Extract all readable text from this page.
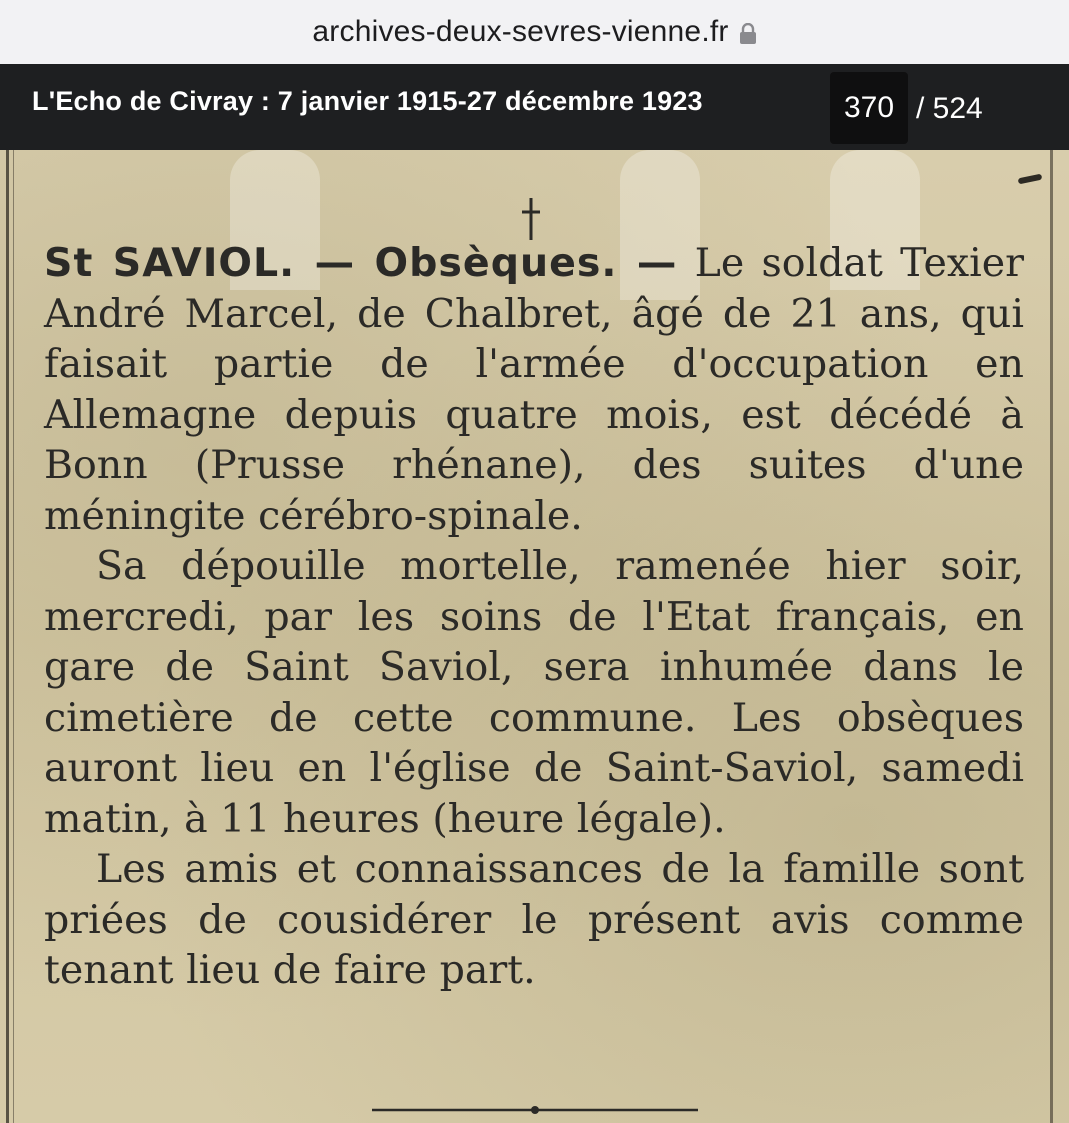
archives-deux-sevres-vienne.fr
L'Echo de Civray : 7 janvier 1915-27 décembre 1923
370	/ 524

St SAVIOL. — Obsèques. — Le soldat Texier André Marcel, de Chalbret, âgé de 21 ans, qui faisait partie de l'armée d'occupation en Allemagne depuis quatre mois, est décédé à Bonn (Prusse rhénane), des suites d'une méningite cérébro-spinale.

Sa dépouille mortelle, ramenée hier soir, mercredi, par les soins de l'Etat français, en gare de Saint Saviol, sera inhumée dans le cimetière de cette commune. Les obsèques auront lieu en l'église de Saint-Saviol, samedi matin, à 11 heures (heure légale).

Les amis et connaissances de la famille sont priées de cousidérer le présent avis comme tenant lieu de faire part.
